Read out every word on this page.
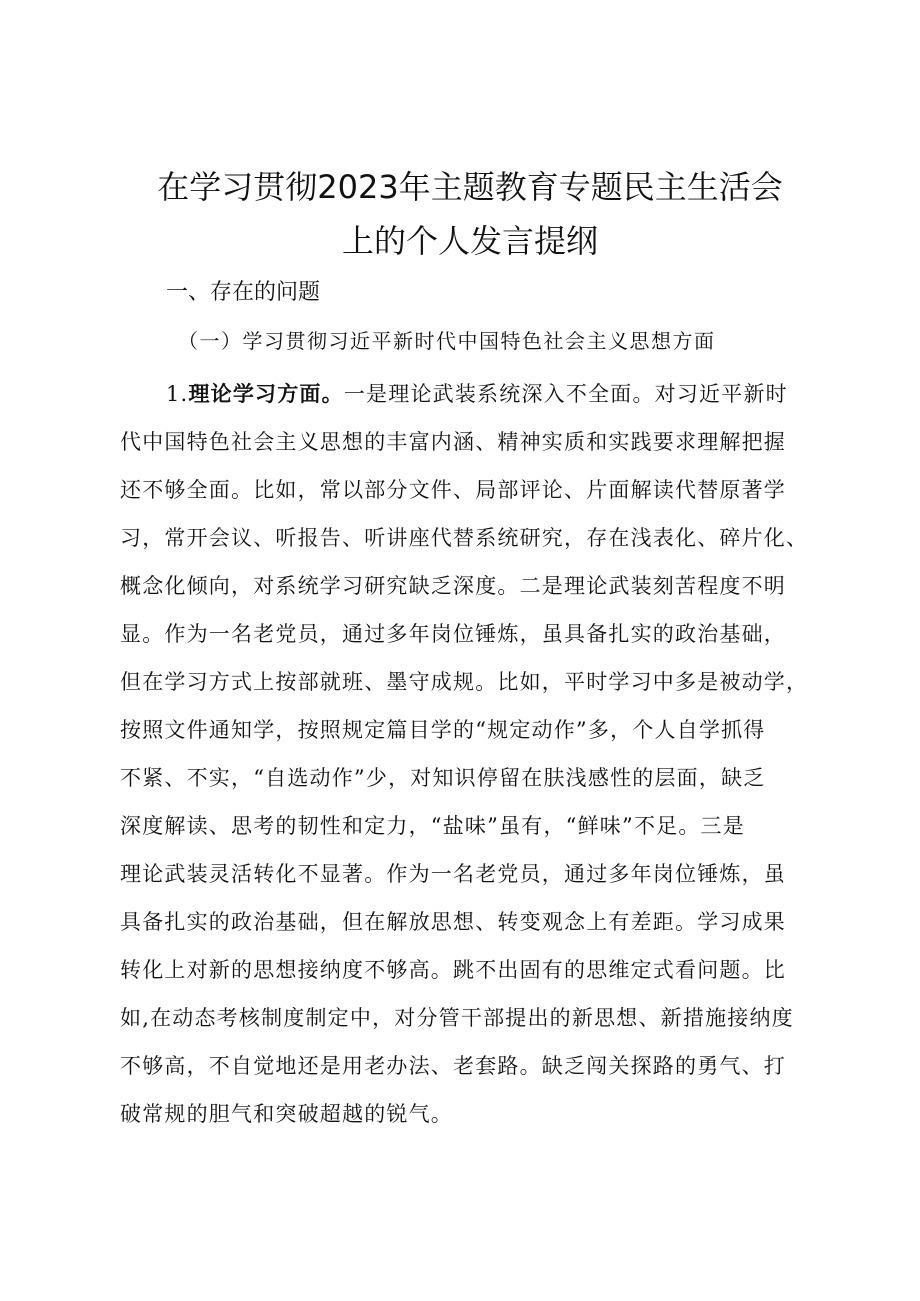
在学习贯彻2023年主题教育专题民主生活会
上的个人发言提纲
一、存在的问题
（一）学习贯彻习近平新时代中国特色社会主义思想方面
1.理论学习方面。一是理论武装系统深入不全面。对习近平新时
代中国特色社会主义思想的丰富内涵、精神实质和实践要求理解把握
还不够全面。比如，常以部分文件、局部评论、片面解读代替原著学
习，常开会议、听报告、听讲座代替系统研究，存在浅表化、碎片化、
概念化倾向，对系统学习研究缺乏深度。二是理论武装刻苦程度不明
显。作为一名老党员，通过多年岗位锤炼，虽具备扎实的政治基础，
但在学习方式上按部就班、墨守成规。比如，平时学习中多是被动学，
按照文件通知学，按照规定篇目学的“规定动作”多，个人自学抓得
不紧、不实，“自选动作”少，对知识停留在肤浅感性的层面，缺乏
深度解读、思考的韧性和定力，“盐味”虽有，“鲜味”不足。三是
理论武装灵活转化不显著。作为一名老党员，通过多年岗位锤炼，虽
具备扎实的政治基础，但在解放思想、转变观念上有差距。学习成果
转化上对新的思想接纳度不够高。跳不出固有的思维定式看问题。比
如,在动态考核制度制定中，对分管干部提出的新思想、新措施接纳度
不够高，不自觉地还是用老办法、老套路。缺乏闯关探路的勇气、打
破常规的胆气和突破超越的锐气。
